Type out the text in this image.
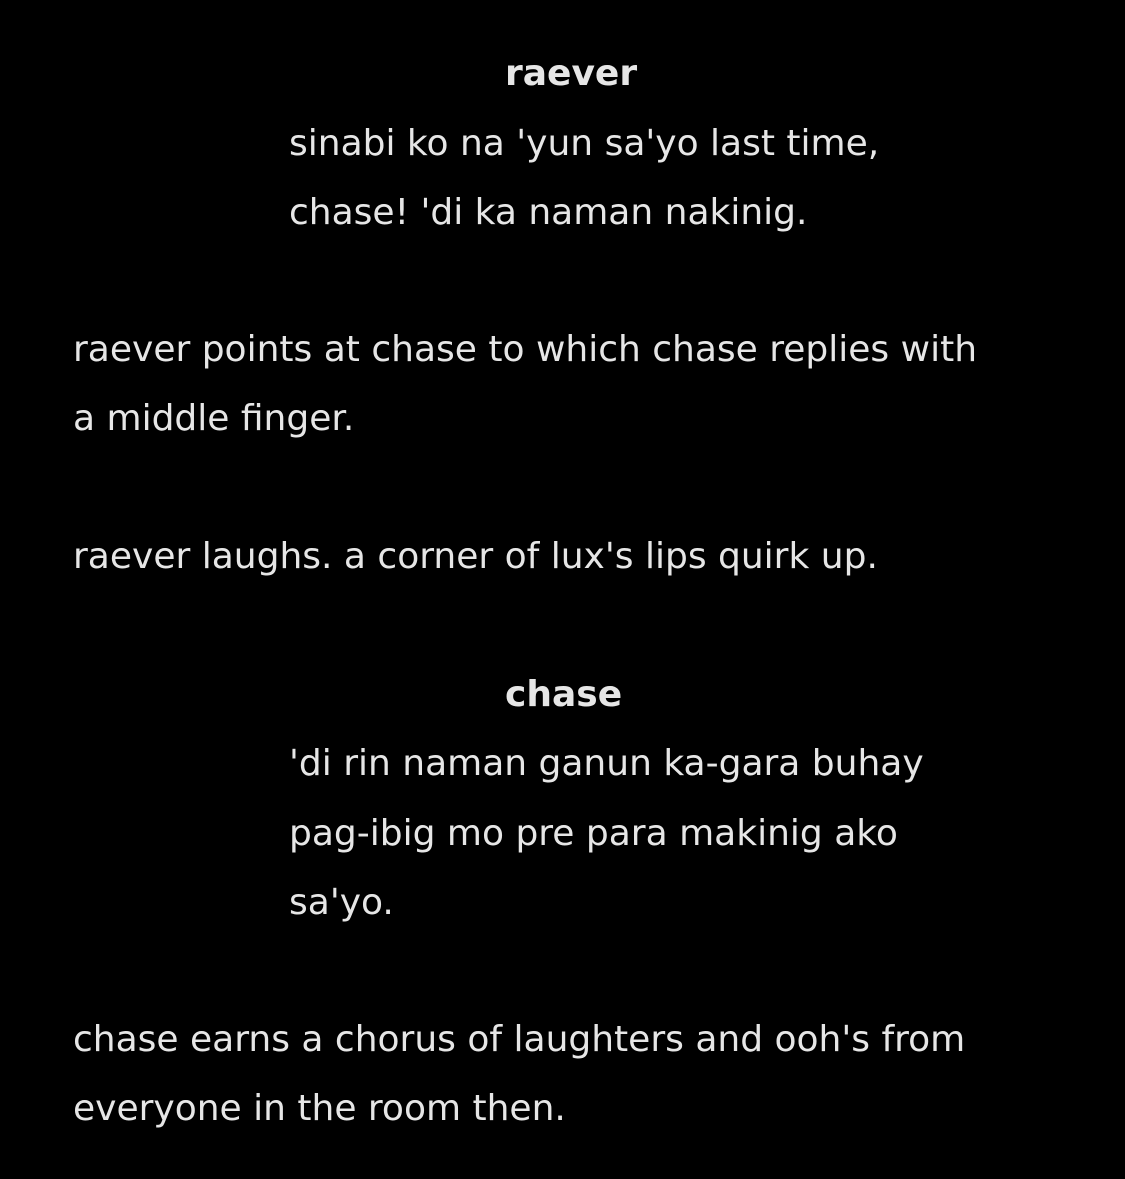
raever
sinabi ko na 'yun sa'yo last time,
chase! 'di ka naman nakinig.
raever points at chase to which chase replies with
a middle finger.
raever laughs. a corner of lux's lips quirk up.
chase
'di rin naman ganun ka-gara buhay
pag-ibig mo pre para makinig ako
sa'yo.
chase earns a chorus of laughters and ooh's from
everyone in the room then.
